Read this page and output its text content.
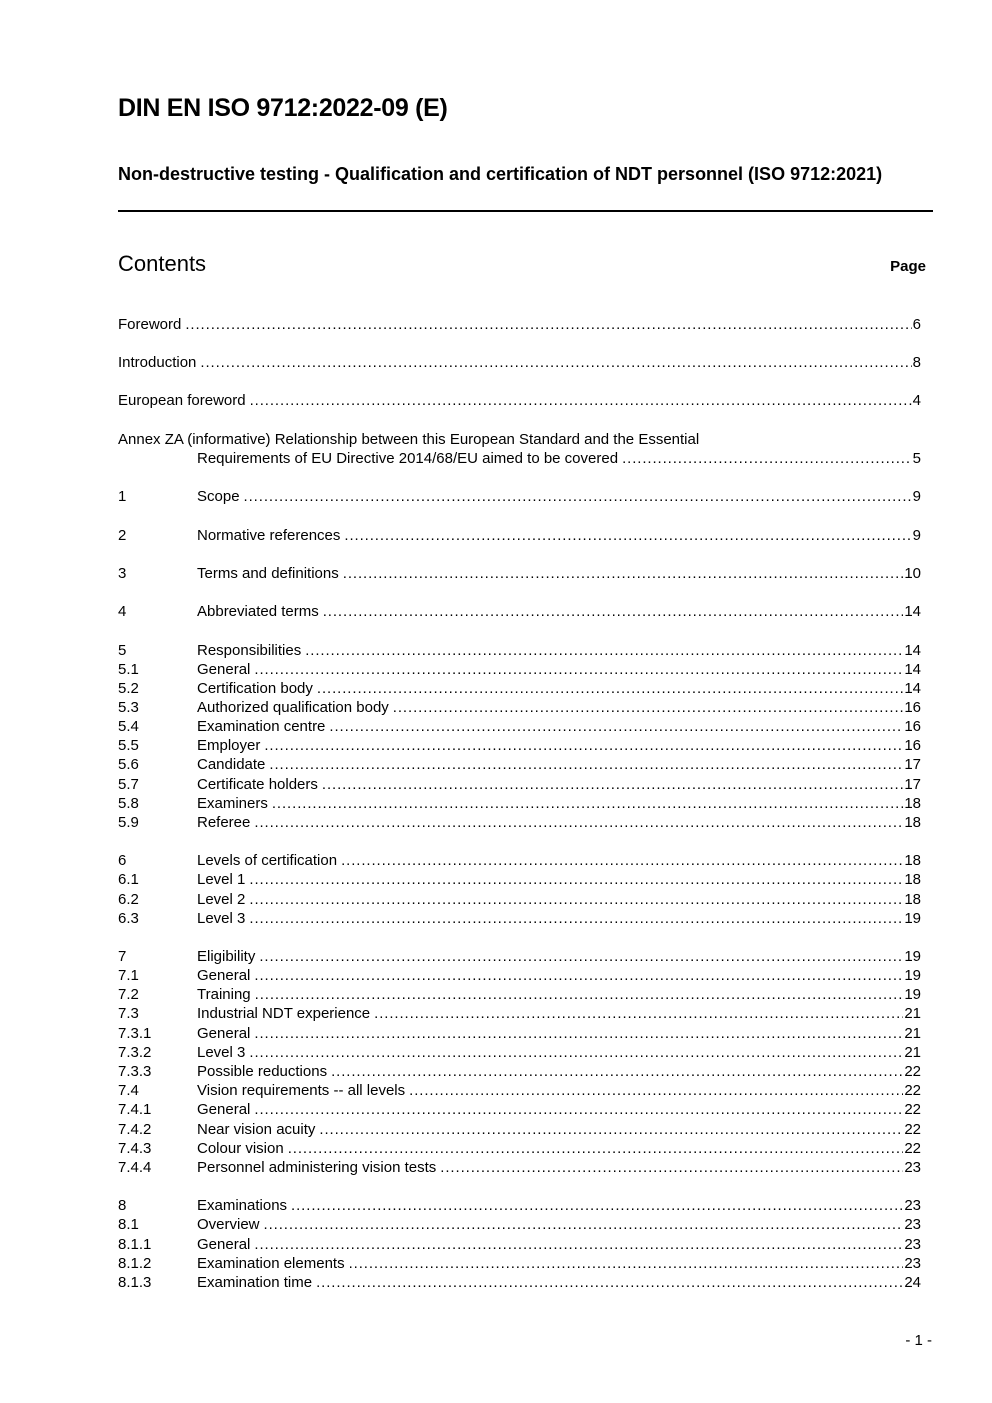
DIN EN ISO 9712:2022-09 (E)
Non-destructive testing - Qualification and certification of NDT personnel (ISO 9712:2021)
Contents	Page
Foreword .....	6
Introduction .....	8
European foreword .....	4
Annex ZA (informative) Relationship between this European Standard and the Essential
Requirements of EU Directive 2014/68/EU aimed to be covered .....	5
1	Scope .....	9
2	Normative references .....	9
3	Terms and definitions .....	10
4	Abbreviated terms .....	14
5	Responsibilities .....	14
5.1	General .....	14
5.2	Certification body .....	14
5.3	Authorized qualification body .....	16
5.4	Examination centre .....	16
5.5	Employer .....	16
5.6	Candidate .....	17
5.7	Certificate holders .....	17
5.8	Examiners .....	18
5.9	Referee .....	18
6	Levels of certification .....	18
6.1	Level 1 .....	18
6.2	Level 2 .....	18
6.3	Level 3 .....	19
7	Eligibility .....	19
7.1	General .....	19
7.2	Training .....	19
7.3	Industrial NDT experience .....	21
7.3.1	General .....	21
7.3.2	Level 3 .....	21
7.3.3	Possible reductions .....	22
7.4	Vision requirements -- all levels .....	22
7.4.1	General .....	22
7.4.2	Near vision acuity .....	22
7.4.3	Colour vision .....	22
7.4.4	Personnel administering vision tests .....	23
8	Examinations .....	23
8.1	Overview .....	23
8.1.1	General .....	23
8.1.2	Examination elements .....	23
8.1.3	Examination time .....	24
- 1 -
